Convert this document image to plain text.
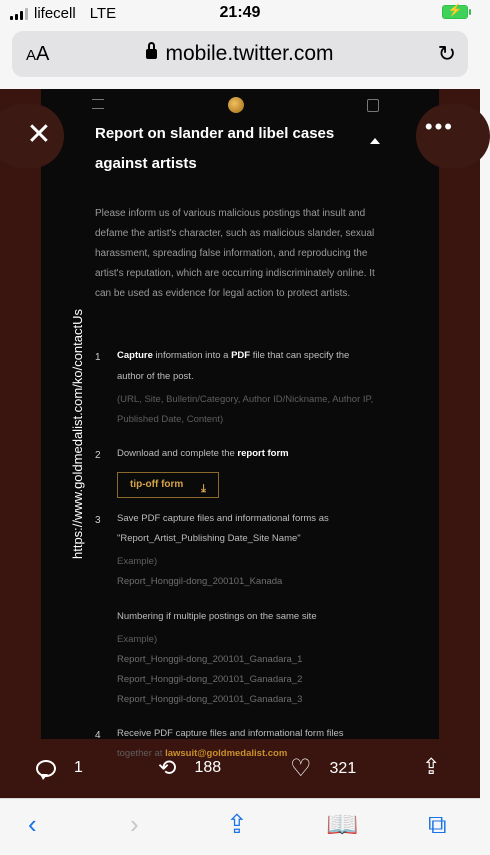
lifecell LTE	21:49	⚡
AA	mobile.twitter.com	↻
Report on slander and libel cases against artists
Please inform us of various malicious postings that insult and defame the artist's character, such as malicious slander, sexual harassment, spreading false information, and reproducing the artist's reputation, which are occurring indiscriminately online. It can be used as evidence for legal action to protect artists.
1 Capture information into a PDF file that can specify the
author of the post.
(URL, Site, Bulletin/Category, Author ID/Nickname, Author IP,
Published Date, Content)
2 Download and complete the report form
tip-off form ⤓
3 Save PDF capture files and informational forms as
"Report_Artist_Publishing Date_Site Name"
Example)
Report_Honggil-dong_200101_Kanada
Numbering if multiple postings on the same site
Example)
Report_Honggil-dong_200101_Ganadara_1
Report_Honggil-dong_200101_Ganadara_2
Report_Honggil-dong_200101_Ganadara_3
4 Receive PDF capture files and informational form files
together at lawsuit@goldmedalist.com
✕	•••
https://www.goldmedalist.com/ko/contactUs
1	⟲ 188	♡ 321	⇪
‹	›	⇪	📖	⧉
